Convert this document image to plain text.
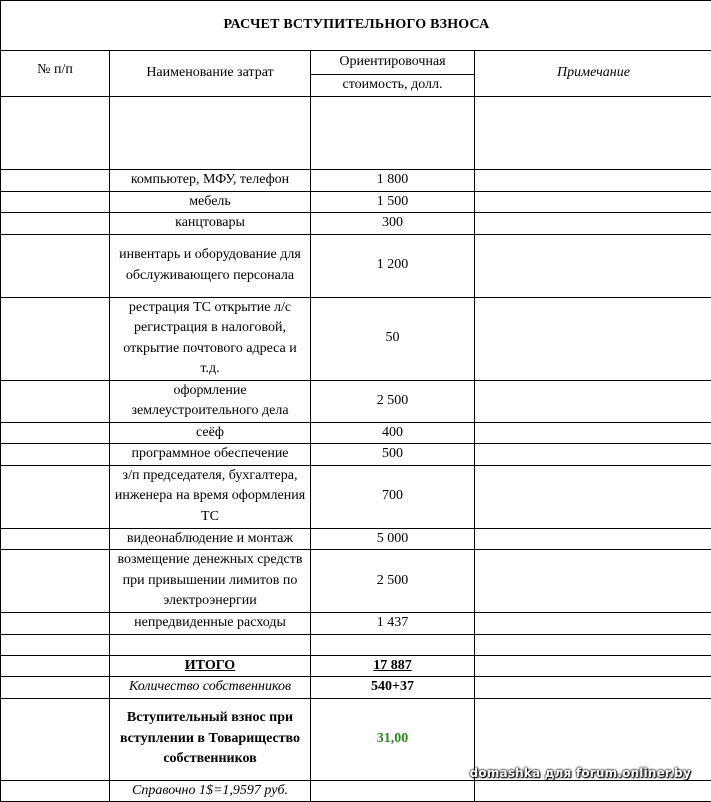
РАСЧЕТ ВСТУПИТЕЛЬНОГО ВЗНОСА			
№ п/п	Наименование затрат	Ориентировочная	Примечание
		стоимость, долл.	

	компьютер, МФУ, телефон	1 800	
	мебель	1 500	
	канцтовары	300	
	инвентарь и оборудование для обслуживающего персонала	1 200	
	рестрация ТС открытие л/с регистрация в налоговой, открытие почтового адреса и т.д.	50	
	оформление землеустроительного дела	2 500	
	сеёф	400	
	программное обеспечение	500	
	з/п председателя, бухгалтера, инженера на время оформления ТС	700	
	видеонаблюдение и монтаж	5 000	
	возмещение денежных средств при привышении лимитов по электроэнергии	2 500	
	непредвиденные расходы	1 437	

	ИТОГО	17 887	
	Количество собственников	540+37	
	Вступительный взнос при вступлении в Товарищество собственников	31,00	
	Справочно 1$=1,9597 руб.		
domashka для forum.onliner.by
